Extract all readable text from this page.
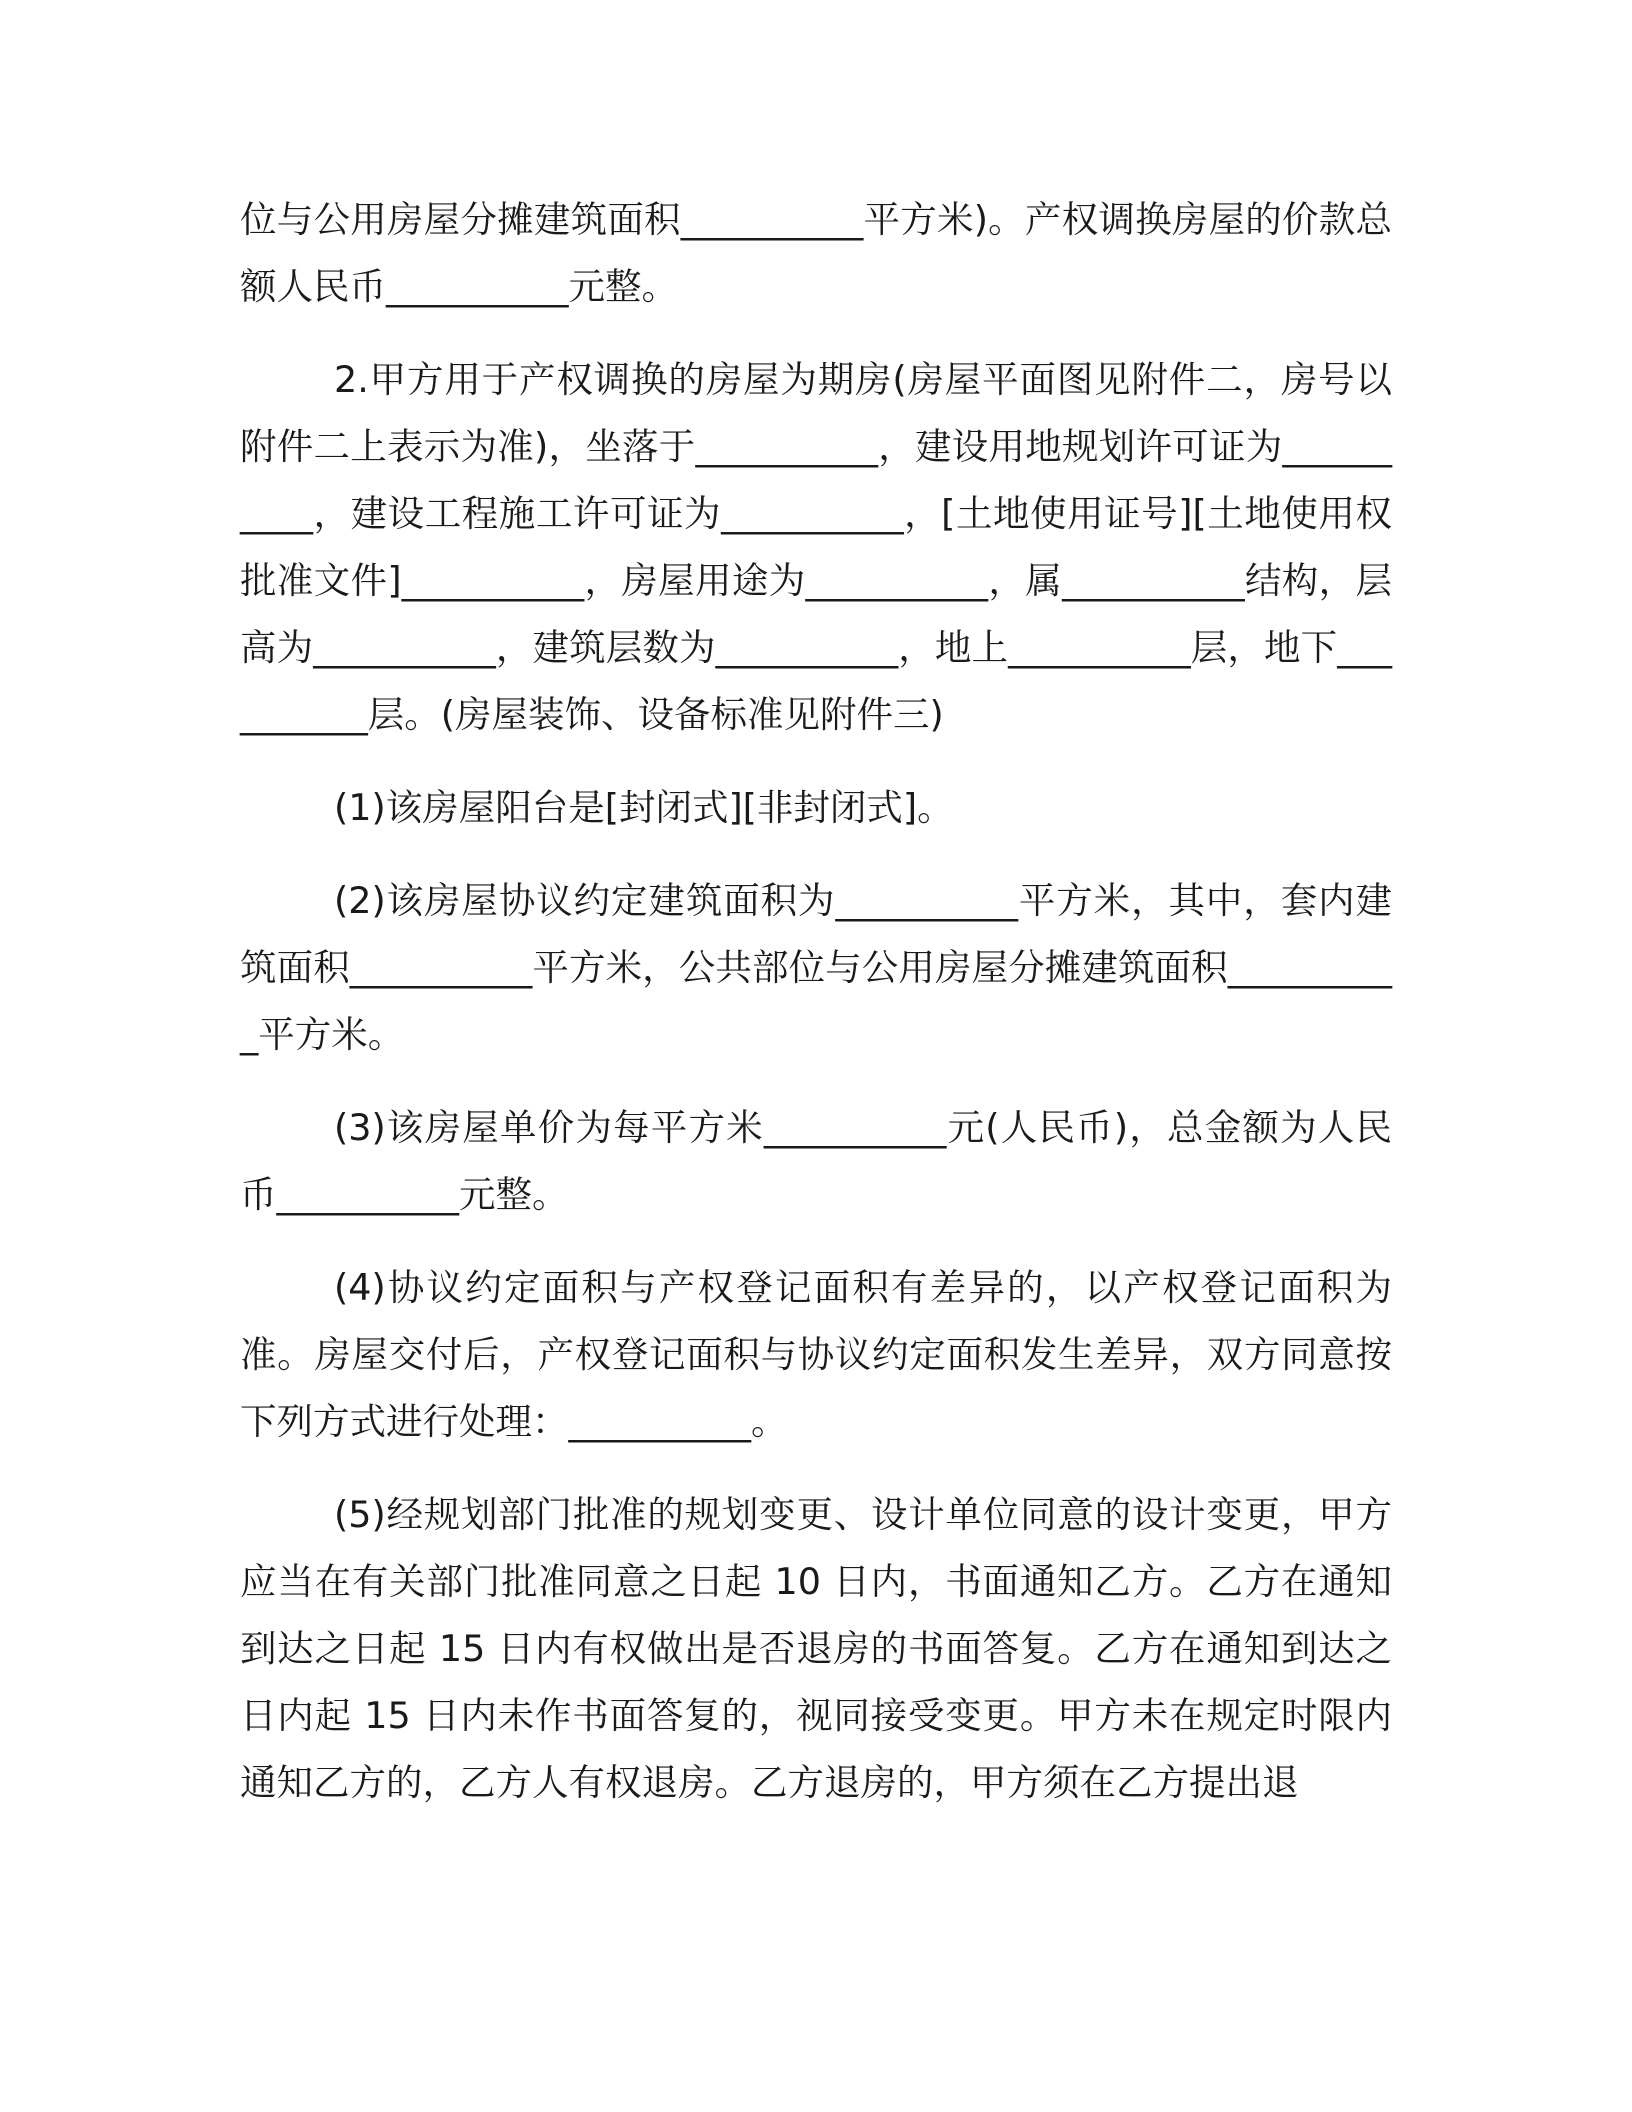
位与公用房屋分摊建筑面积__________平方米)。产权调换房屋的价款总额人民币__________元整。

2.甲方用于产权调换的房屋为期房(房屋平面图见附件二，房号以附件二上表示为准)，坐落于__________，建设用地规划许可证为__________，建设工程施工许可证为__________，[土地使用证号][土地使用权批准文件]__________，房屋用途为__________，属__________结构，层高为__________，建筑层数为__________，地上__________层，地下__________层。(房屋装饰、设备标准见附件三)

(1)该房屋阳台是[封闭式][非封闭式]。

(2)该房屋协议约定建筑面积为__________平方米，其中，套内建筑面积__________平方米，公共部位与公用房屋分摊建筑面积__________平方米。

(3)该房屋单价为每平方米__________元(人民币)，总金额为人民币__________元整。

(4)协议约定面积与产权登记面积有差异的，以产权登记面积为准。房屋交付后，产权登记面积与协议约定面积发生差异，双方同意按下列方式进行处理：__________。

(5)经规划部门批准的规划变更、设计单位同意的设计变更，甲方应当在有关部门批准同意之日起 10 日内，书面通知乙方。乙方在通知到达之日起 15 日内有权做出是否退房的书面答复。乙方在通知到达之日内起 15 日内未作书面答复的，视同接受变更。甲方未在规定时限内通知乙方的，乙方人有权退房。乙方退房的，甲方须在乙方提出退
